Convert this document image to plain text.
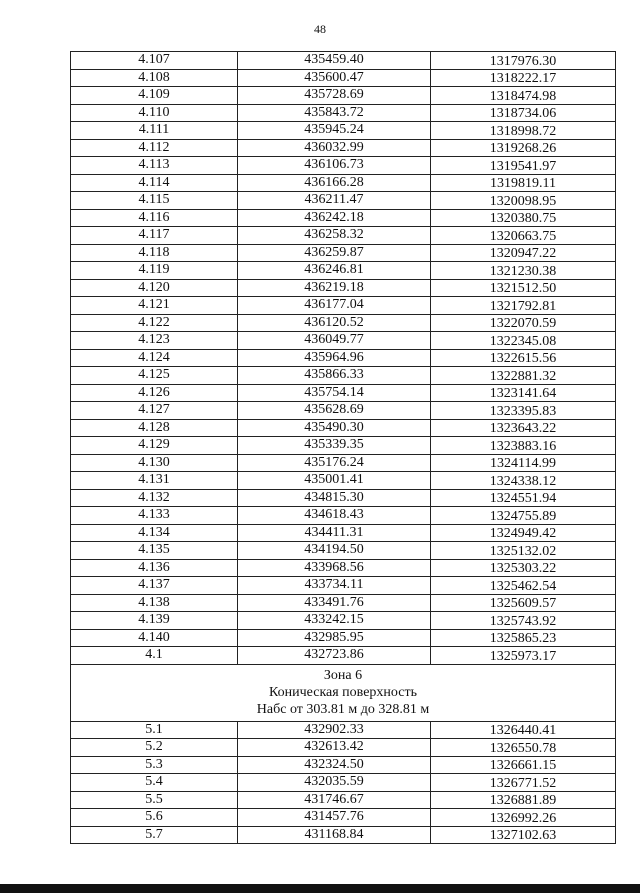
48
4.107	435459.40	1317976.30
4.108	435600.47	1318222.17
4.109	435728.69	1318474.98
4.110	435843.72	1318734.06
4.111	435945.24	1318998.72
4.112	436032.99	1319268.26
4.113	436106.73	1319541.97
4.114	436166.28	1319819.11
4.115	436211.47	1320098.95
4.116	436242.18	1320380.75
4.117	436258.32	1320663.75
4.118	436259.87	1320947.22
4.119	436246.81	1321230.38
4.120	436219.18	1321512.50
4.121	436177.04	1321792.81
4.122	436120.52	1322070.59
4.123	436049.77	1322345.08
4.124	435964.96	1322615.56
4.125	435866.33	1322881.32
4.126	435754.14	1323141.64
4.127	435628.69	1323395.83
4.128	435490.30	1323643.22
4.129	435339.35	1323883.16
4.130	435176.24	1324114.99
4.131	435001.41	1324338.12
4.132	434815.30	1324551.94
4.133	434618.43	1324755.89
4.134	434411.31	1324949.42
4.135	434194.50	1325132.02
4.136	433968.56	1325303.22
4.137	433734.11	1325462.54
4.138	433491.76	1325609.57
4.139	433242.15	1325743.92
4.140	432985.95	1325865.23
4.1	432723.86	1325973.17

Зона 6
Коническая поверхность
Набс от 303.81 м до 328.81 м		

5.1	432902.33	1326440.41
5.2	432613.42	1326550.78
5.3	432324.50	1326661.15
5.4	432035.59	1326771.52
5.5	431746.67	1326881.89
5.6	431457.76	1326992.26
5.7	431168.84	1327102.63
